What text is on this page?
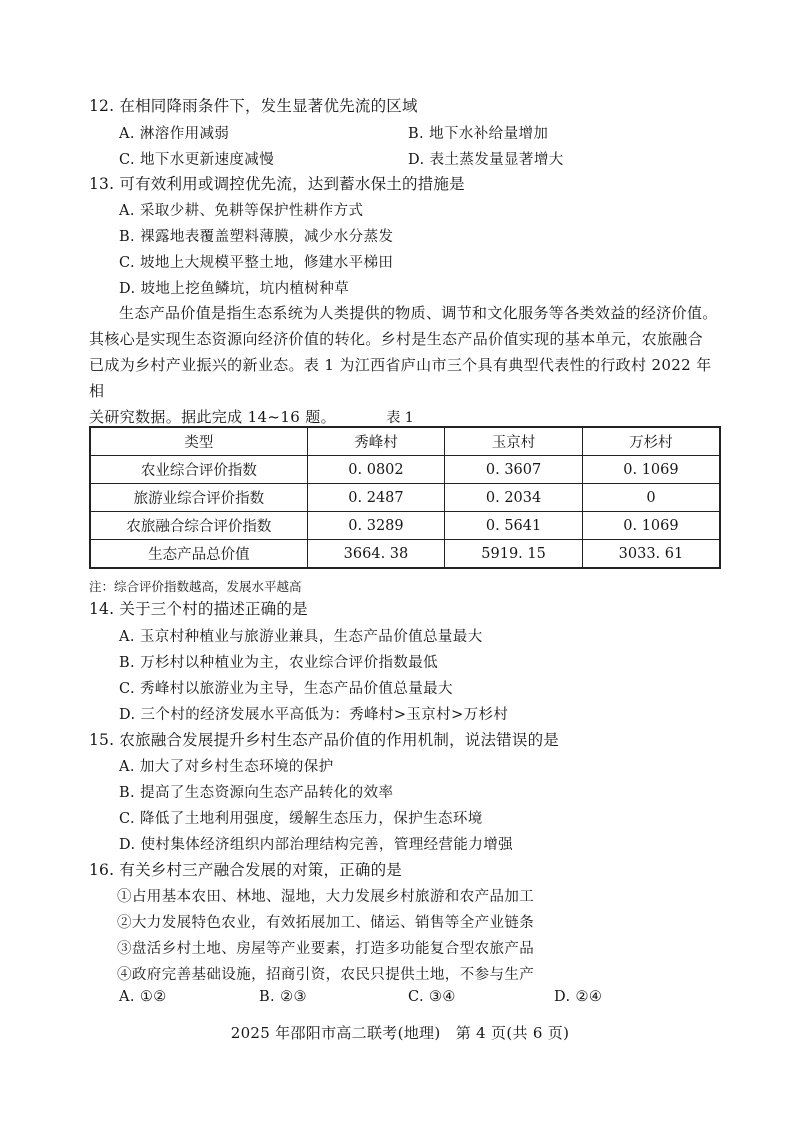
12. 在相同降雨条件下，发生显著优先流的区域
A. 淋溶作用减弱	B. 地下水补给量增加
C. 地下水更新速度减慢	D. 表土蒸发量显著增大
13. 可有效利用或调控优先流，达到蓄水保土的措施是
A. 采取少耕、免耕等保护性耕作方式
B. 裸露地表覆盖塑料薄膜，减少水分蒸发
C. 坡地上大规模平整土地，修建水平梯田
D. 坡地上挖鱼鳞坑，坑内植树种草
生态产品价值是指生态系统为人类提供的物质、调节和文化服务等各类效益的经济价值。
其核心是实现生态资源向经济价值的转化。乡村是生态产品价值实现的基本单元，农旅融合
已成为乡村产业振兴的新业态。表 1 为江西省庐山市三个具有典型代表性的行政村 2022 年相
关研究数据。据此完成 14~16 题。	表 1
类型	秀峰村	玉京村	万杉村
农业综合评价指数	0. 0802	0. 3607	0. 1069
旅游业综合评价指数	0. 2487	0. 2034	0
农旅融合综合评价指数	0. 3289	0. 5641	0. 1069
生态产品总价值	3664. 38	5919. 15	3033. 61
注：综合评价指数越高，发展水平越高
14. 关于三个村的描述正确的是
A. 玉京村种植业与旅游业兼具，生态产品价值总量最大
B. 万杉村以种植业为主，农业综合评价指数最低
C. 秀峰村以旅游业为主导，生态产品价值总量最大
D. 三个村的经济发展水平高低为：秀峰村>玉京村>万杉村
15. 农旅融合发展提升乡村生态产品价值的作用机制，说法错误的是
A. 加大了对乡村生态环境的保护
B. 提高了生态资源向生态产品转化的效率
C. 降低了土地利用强度，缓解生态压力，保护生态环境
D. 使村集体经济组织内部治理结构完善，管理经营能力增强
16. 有关乡村三产融合发展的对策，正确的是
①占用基本农田、林地、湿地，大力发展乡村旅游和农产品加工
②大力发展特色农业，有效拓展加工、储运、销售等全产业链条
③盘活乡村土地、房屋等产业要素，打造多功能复合型农旅产品
④政府完善基础设施，招商引资，农民只提供土地，不参与生产
A. ①②	B. ②③	C. ③④	D. ②④
2025 年邵阳市高二联考(地理)　第 4 页(共 6 页)
